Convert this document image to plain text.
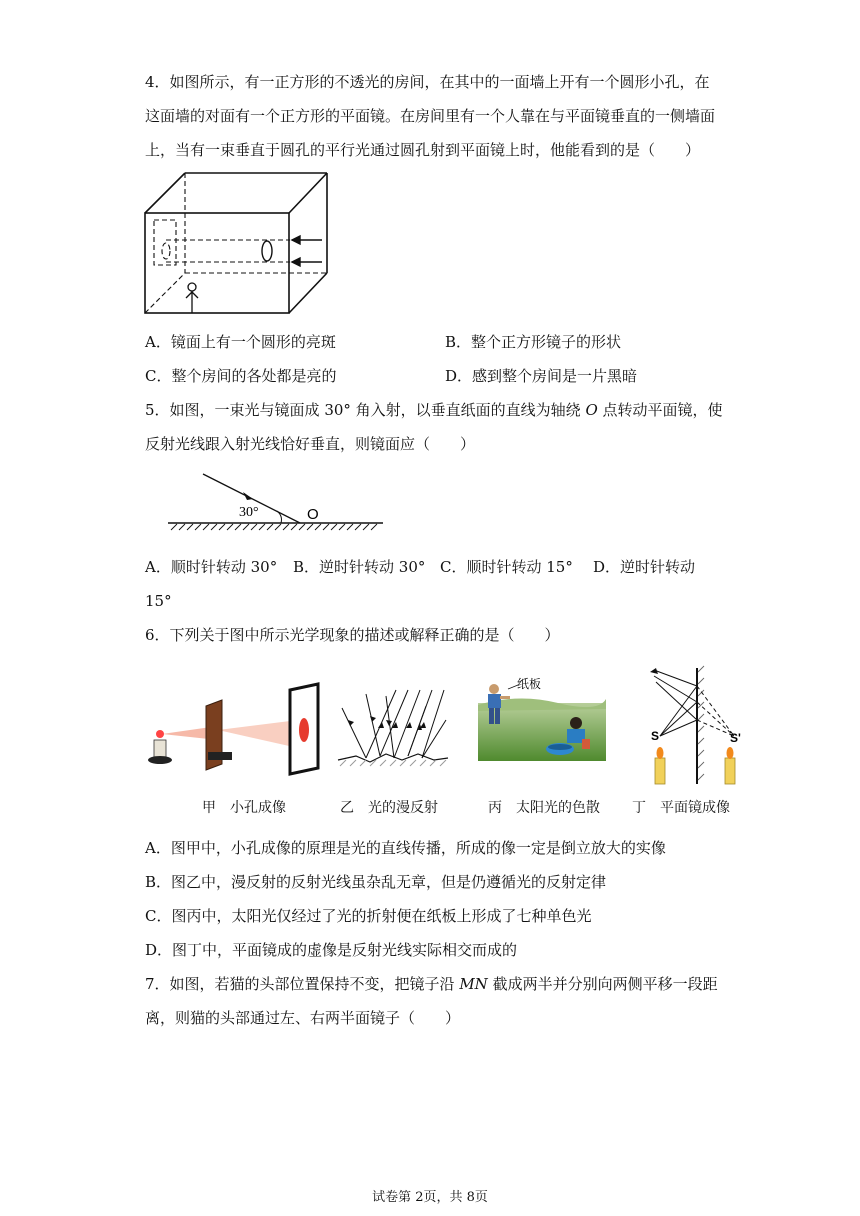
4．如图所示，有一正方形的不透光的房间，在其中的一面墙上开有一个圆形小孔，在
这面墙的对面有一个正方形的平面镜。在房间里有一个人靠在与平面镜垂直的一侧墙面
上，当有一束垂直于圆孔的平行光通过圆孔射到平面镜上时，他能看到的是（　　）
A．镜面上有一个圆形的亮斑	B．整个正方形镜子的形状
C．整个房间的各处都是亮的	D．感到整个房间是一片黑暗
5．如图，一束光与镜面成 30° 角入射，以垂直纸面的直线为轴绕 O 点转动平面镜，使
反射光线跟入射光线恰好垂直，则镜面应（　　）
30°	O
A．顺时针转动 30° B．逆时针转动 30° C．顺时针转动 15° D．逆时针转动
15°
6．下列关于图中所示光学现象的描述或解释正确的是（　　）
甲　小孔成像	乙　光的漫反射
纸板
丙　太阳光的色散
S	S'
丁　平面镜成像
A．图甲中，小孔成像的原理是光的直线传播，所成的像一定是倒立放大的实像
B．图乙中，漫反射的反射光线虽杂乱无章，但是仍遵循光的反射定律
C．图丙中，太阳光仅经过了光的折射便在纸板上形成了七种单色光
D．图丁中，平面镜成的虚像是反射光线实际相交而成的
7．如图，若猫的头部位置保持不变，把镜子沿 MN 截成两半并分别向两侧平移一段距
离，则猫的头部通过左、右两半面镜子（　　）
试卷第 2页，共 8页
